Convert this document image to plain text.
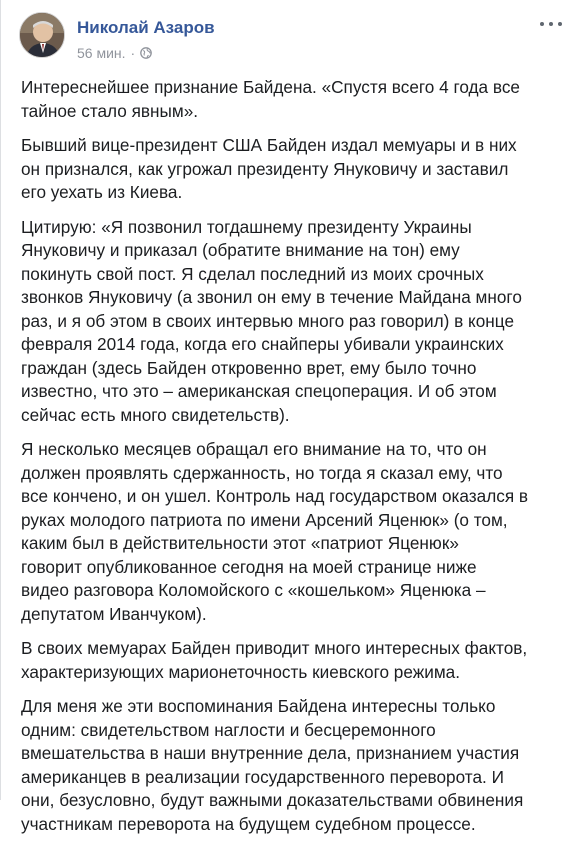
Николай Азаров
56 мин. ·

Интереснейшее признание Байдена. «Спустя всего 4 года все
тайное стало явным».

Бывший вице-президент США Байден издал мемуары и в них
он признался, как угрожал президенту Януковичу и заставил
его уехать из Киева.

Цитирую: «Я позвонил тогдашнему президенту Украины
Януковичу и приказал (обратите внимание на тон) ему
покинуть свой пост. Я сделал последний из моих срочных
звонков Януковичу (а звонил он ему в течение Майдана много
раз, и я об этом в своих интервью много раз говорил) в конце
февраля 2014 года, когда его снайперы убивали украинских
граждан (здесь Байден откровенно врет, ему было точно
известно, что это – американская спецоперация. И об этом
сейчас есть много свидетельств).

Я несколько месяцев обращал его внимание на то, что он
должен проявлять сдержанность, но тогда я сказал ему, что
все кончено, и он ушел. Контроль над государством оказался в
руках молодого патриота по имени Арсений Яценюк» (о том,
каким был в действительности этот «патриот Яценюк»
говорит опубликованное сегодня на моей странице ниже
видео разговора Коломойского с «кошельком» Яценюка –
депутатом Иванчуком).

В своих мемуарах Байден приводит много интересных фактов,
характеризующих марионеточность киевского режима.

Для меня же эти воспоминания Байдена интересны только
одним: свидетельством наглости и бесцеремонного
вмешательства в наши внутренние дела, признанием участия
американцев в реализации государственного переворота. И
они, безусловно, будут важными доказательствами обвинения
участникам переворота на будущем судебном процессе.
